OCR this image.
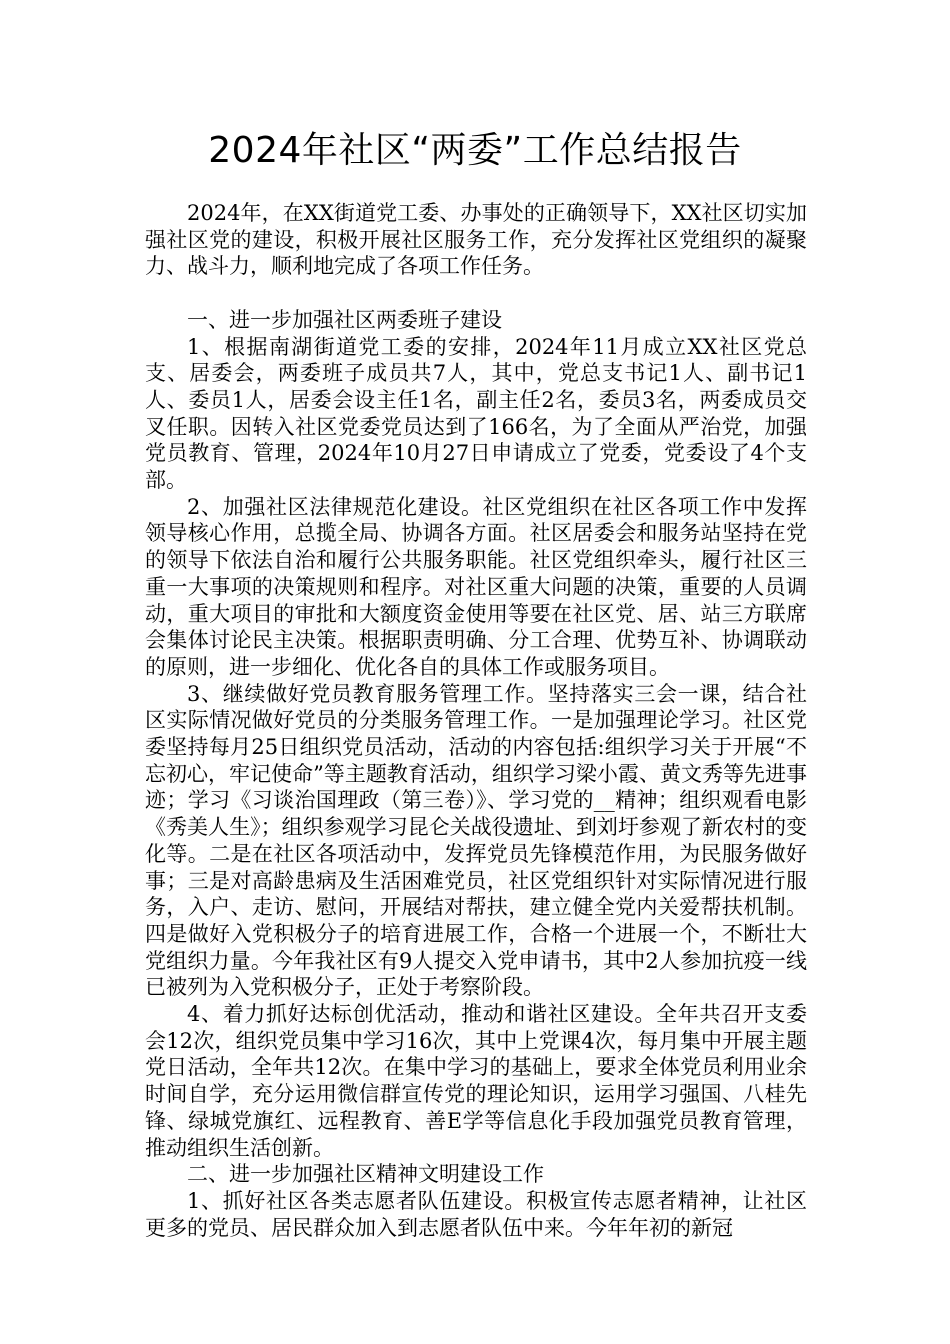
2024年社区“两委”工作总结报告

2024年，在XX街道党工委、办事处的正确领导下，XX社区切实加强社区党的建设，积极开展社区服务工作，充分发挥社区党组织的凝聚力、战斗力，顺利地完成了各项工作任务。

一、进一步加强社区两委班子建设

1、根据南湖街道党工委的安排，2024年11月成立XX社区党总支、居委会，两委班子成员共7人，其中，党总支书记1人、副书记1人、委员1人，居委会设主任1名，副主任2名，委员3名，两委成员交叉任职。因转入社区党委党员达到了166名，为了全面从严治党，加强党员教育、管理，2024年10月27日申请成立了党委，党委设了4个支部。

2、加强社区法律规范化建设。社区党组织在社区各项工作中发挥领导核心作用，总揽全局、协调各方面。社区居委会和服务站坚持在党的领导下依法自治和履行公共服务职能。社区党组织牵头，履行社区三重一大事项的决策规则和程序。对社区重大问题的决策，重要的人员调动，重大项目的审批和大额度资金使用等要在社区党、居、站三方联席会集体讨论民主决策。根据职责明确、分工合理、优势互补、协调联动的原则，进一步细化、优化各自的具体工作或服务项目。

3、继续做好党员教育服务管理工作。坚持落实三会一课，结合社区实际情况做好党员的分类服务管理工作。一是加强理论学习。社区党委坚持每月25日组织党员活动，活动的内容包括:组织学习关于开展“不忘初心，牢记使命”等主题教育活动，组织学习梁小霞、黄文秀等先进事迹；学习《习谈治国理政（第三卷）》、学习党的__精神；组织观看电影《秀美人生》；组织参观学习昆仑关战役遗址、到刘圩参观了新农村的变化等。二是在社区各项活动中，发挥党员先锋模范作用，为民服务做好事；三是对高龄患病及生活困难党员，社区党组织针对实际情况进行服务，入户、走访、慰问，开展结对帮扶，建立健全党内关爱帮扶机制。四是做好入党积极分子的培育进展工作，合格一个进展一个，不断壮大党组织力量。今年我社区有9人提交入党申请书，其中2人参加抗疫一线已被列为入党积极分子，正处于考察阶段。

4、着力抓好达标创优活动，推动和谐社区建设。全年共召开支委会12次，组织党员集中学习16次，其中上党课4次，每月集中开展主题党日活动，全年共12次。在集中学习的基础上，要求全体党员利用业余时间自学，充分运用微信群宣传党的理论知识，运用学习强国、八桂先锋、绿城党旗红、远程教育、善E学等信息化手段加强党员教育管理，推动组织生活创新。

二、进一步加强社区精神文明建设工作

1、抓好社区各类志愿者队伍建设。积极宣传志愿者精神，让社区更多的党员、居民群众加入到志愿者队伍中来。今年年初的新冠
